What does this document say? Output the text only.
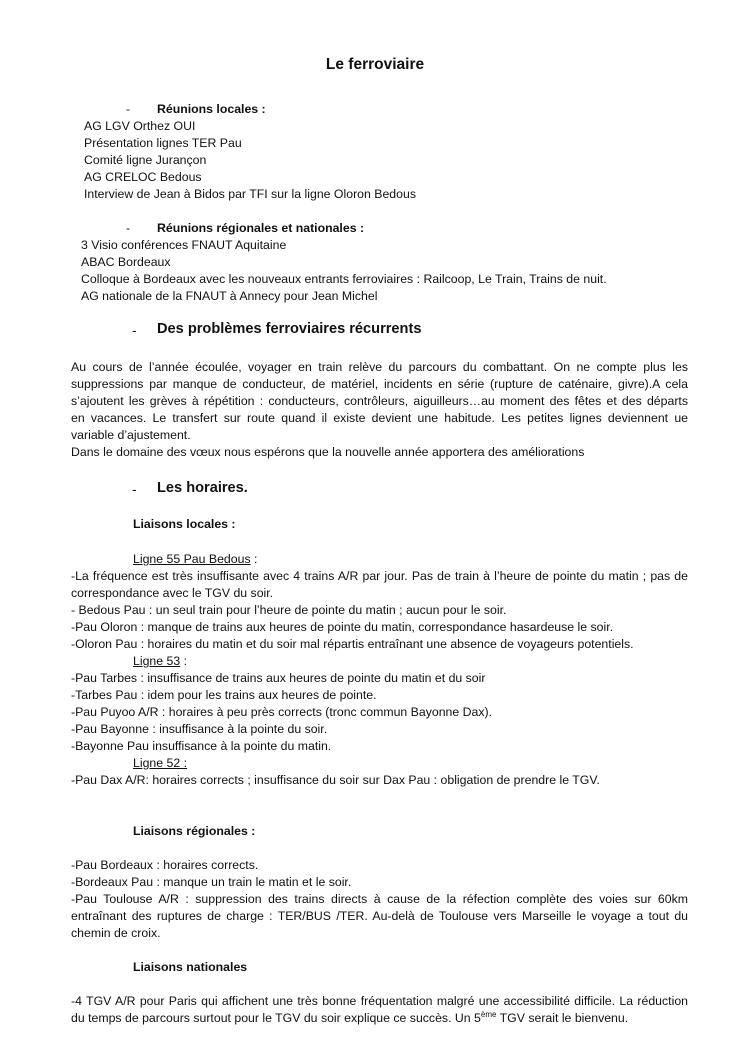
Le ferroviaire
- Réunions locales :
AG LGV Orthez OUI
Présentation lignes TER Pau
Comité ligne Jurançon
AG CRELOC Bedous
Interview de Jean à Bidos par TFI sur la ligne Oloron Bedous
- Réunions régionales et nationales :
3 Visio conférences FNAUT Aquitaine
ABAC Bordeaux
Colloque à Bordeaux avec les nouveaux entrants ferroviaires : Railcoop, Le Train, Trains de nuit.
AG nationale de la FNAUT à Annecy pour Jean Michel
- Des problèmes ferroviaires récurrents
Au cours de l’année écoulée, voyager en train relève du parcours du combattant. On ne compte plus les
suppressions par manque de conducteur, de matériel, incidents en série (rupture de caténaire, givre).A cela
s’ajoutent les grèves à répétition : conducteurs, contrôleurs, aiguilleurs…au moment des fêtes et des départs
en vacances. Le transfert sur route quand il existe devient une habitude. Les petites lignes deviennent ue
variable d’ajustement.
Dans le domaine des vœux nous espérons que la nouvelle année apportera des améliorations
- Les horaires.
Liaisons locales :
Ligne 55 Pau Bedous :
-La fréquence est très insuffisante avec 4 trains A/R par jour. Pas de train à l’heure de pointe du matin ; pas de
correspondance avec le TGV du soir.
- Bedous Pau : un seul train pour l’heure de pointe du matin ; aucun pour le soir.
-Pau Oloron : manque de trains aux heures de pointe du matin, correspondance hasardeuse le soir.
-Oloron Pau : horaires du matin et du soir mal répartis entraînant une absence de voyageurs potentiels.
Ligne 53 :
-Pau Tarbes : insuffisance de trains aux heures de pointe du matin et du soir
-Tarbes Pau : idem pour les trains aux heures de pointe.
-Pau Puyoo A/R : horaires à peu près corrects (tronc commun Bayonne Dax).
-Pau Bayonne : insuffisance à la pointe du soir.
-Bayonne Pau insuffisance à la pointe du matin.
Ligne 52 :
-Pau Dax A/R: horaires corrects ; insuffisance du soir sur Dax Pau : obligation de prendre le TGV.
Liaisons régionales :
-Pau Bordeaux : horaires corrects.
-Bordeaux Pau : manque un train le matin et le soir.
-Pau Toulouse A/R : suppression des trains directs à cause de la réfection complète des voies sur 60km
entraînant des ruptures de charge : TER/BUS /TER. Au-delà de Toulouse vers Marseille le voyage a tout du
chemin de croix.
Liaisons nationales
-4 TGV A/R pour Paris qui affichent une très bonne fréquentation malgré une accessibilité difficile. La réduction
du temps de parcours surtout pour le TGV du soir explique ce succès. Un 5ème TGV serait le bienvenu.
